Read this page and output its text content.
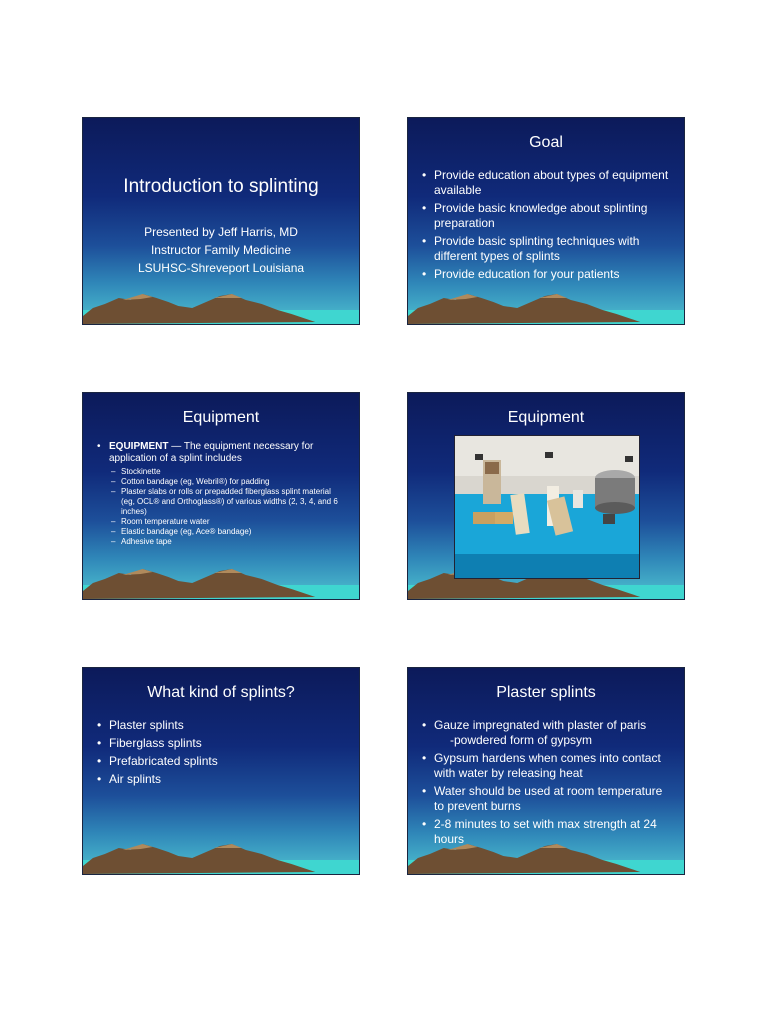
Introduction to splinting
Presented by Jeff Harris, MD
Instructor Family Medicine
LSUHSC-Shreveport Louisiana
Goal
• Provide education about types of equipment available
• Provide basic knowledge about splinting preparation
• Provide basic splinting techniques with different types of splints
• Provide education for your patients
Equipment
• EQUIPMENT — The equipment necessary for application of a splint includes
– Stockinette
– Cotton bandage (eg, Webril®) for padding
– Plaster slabs or rolls or prepadded fiberglass splint material (eg, OCL® and Orthoglass®) of various widths (2, 3, 4, and 6 inches)
– Room temperature water
– Elastic bandage (eg, Ace® bandage)
– Adhesive tape
Equipment
What kind of splints?
• Plaster splints
• Fiberglass splints
• Prefabricated splints
• Air splints
Plaster splints
• Gauze impregnated with plaster of paris
-powdered form of gypsym
• Gypsum hardens when comes into contact with water by releasing heat
• Water should be used at room temperature to prevent burns
• 2-8 minutes to set with max strength at 24 hours
